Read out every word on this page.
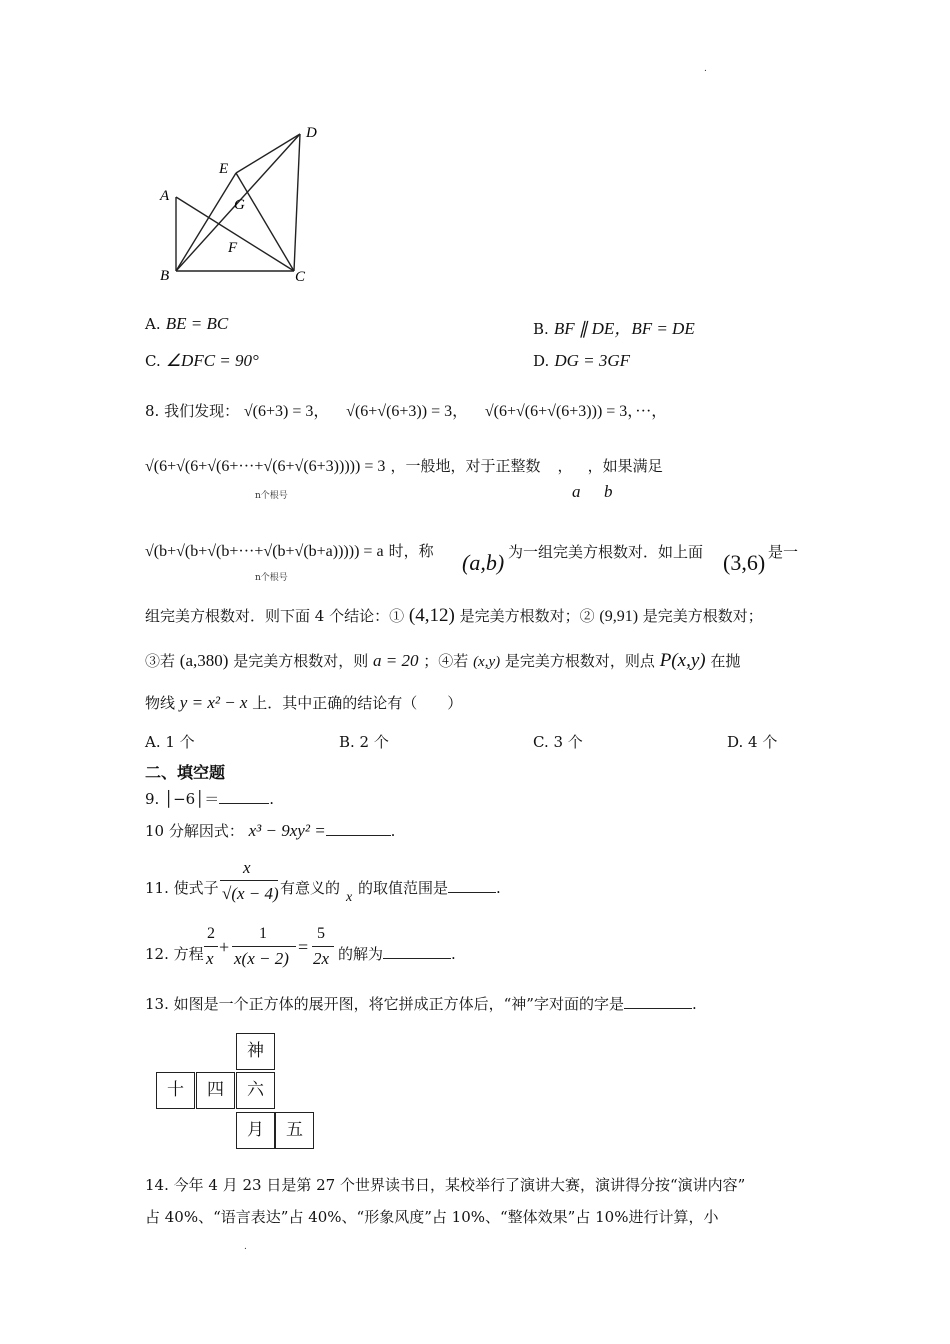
.
A
B	C
D
E
F
G
A. BE = BC	B. BF ∥ DE，BF = DE
C. ∠DFC = 90°	D. DG = 3GF
8. 我们发现： √(6+3) = 3， √(6+√(6+3)) = 3， √(6+√(6+√(6+3))) = 3，···，
√(6+√(6+√(6+···+√(6+√(6+3))))) = 3 ，一般地，对于正整数 ， ，如果满足
n个根号	a b
√(b+√(b+√(b+···+√(b+√(b+a))))) = a 时，称
n个根号
(a,b) 为一组完美方根数对．如上面 (3,6) 是一
组完美方根数对．则下面 4 个结论：① (4,12) 是完美方根数对；② (9,91) 是完美方根数对；
③若 (a,380) 是完美方根数对，则 a = 20 ；④若 (x,y) 是完美方根数对，则点 P(x,y) 在抛
物线 y = x² − x 上．其中正确的结论有（　　）
A. 1 个	B. 2 个	C. 3 个	D. 4 个
二、填空题
9. │−6│＝	.
10 分解因式： x³ − 9xy² =	.
11. 使式子
x
√(x − 4) 有意义的
x
的取值范围是	.
12. 方程
2
x
+
1
x(x − 2)
=
5
2x 的解为	.
13. 如图是一个正方体的展开图，将它拼成正方体后，“神”字对面的字是	.
神
十	四	六
月	五
14. 今年 4 月 23 日是第 27 个世界读书日，某校举行了演讲大赛，演讲得分按“演讲内容”
占 40%、“语言表达”占 40%、“形象风度”占 10%、“整体效果”占 10%进行计算，小
.
